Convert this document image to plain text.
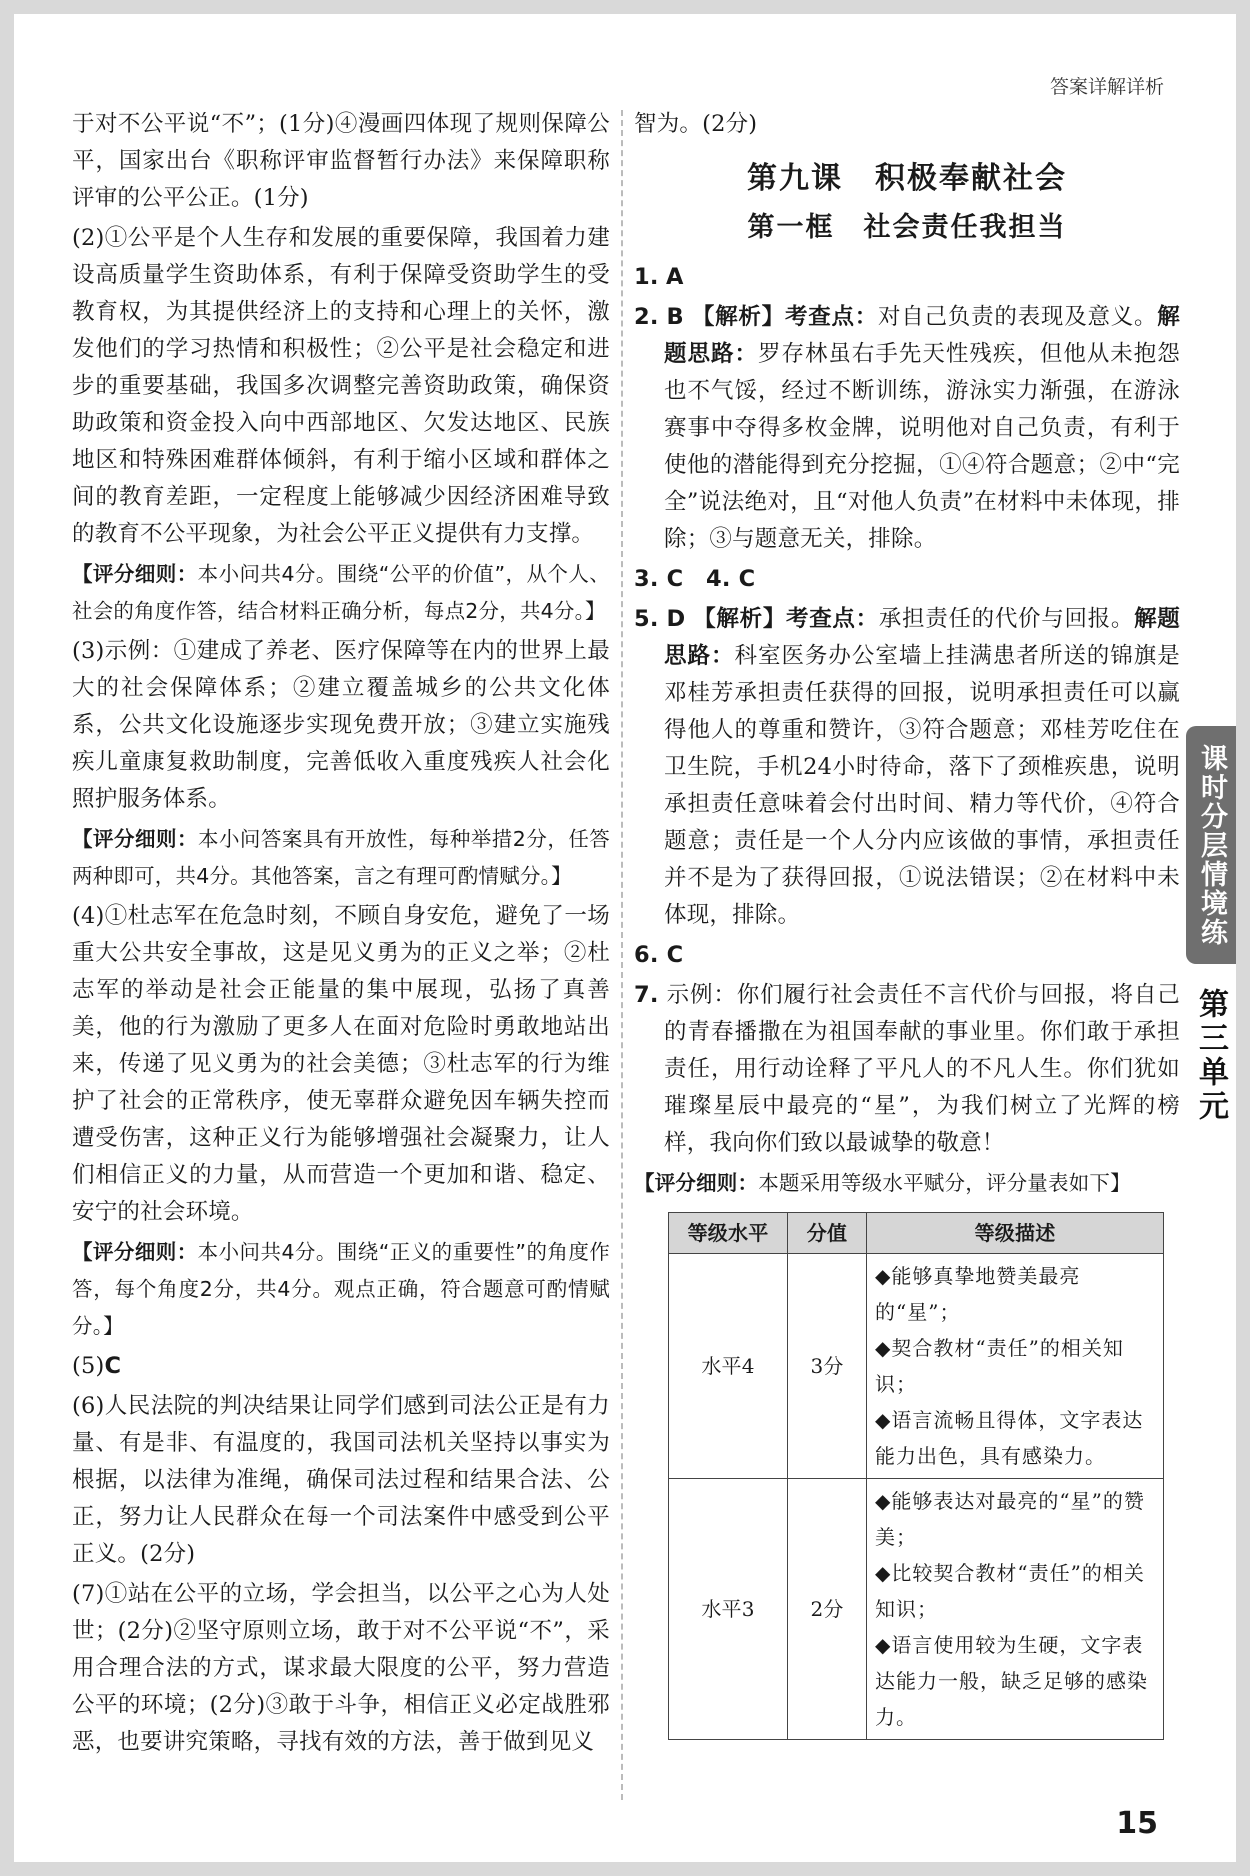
答案详解详析

于对不公平说“不”；(1分)④漫画四体现了规则保障公平，国家出台《职称评审监督暂行办法》来保障职称评审的公平公正。(1分)

(2)①公平是个人生存和发展的重要保障，我国着力建设高质量学生资助体系，有利于保障受资助学生的受教育权，为其提供经济上的支持和心理上的关怀，激发他们的学习热情和积极性；②公平是社会稳定和进步的重要基础，我国多次调整完善资助政策，确保资助政策和资金投入向中西部地区、欠发达地区、民族地区和特殊困难群体倾斜，有利于缩小区域和群体之间的教育差距，一定程度上能够减少因经济困难导致的教育不公平现象，为社会公平正义提供有力支撑。

【评分细则：本小问共4分。围绕“公平的价值”，从个人、社会的角度作答，结合材料正确分析，每点2分，共4分。】

(3)示例：①建成了养老、医疗保障等在内的世界上最大的社会保障体系；②建立覆盖城乡的公共文化体系，公共文化设施逐步实现免费开放；③建立实施残疾儿童康复救助制度，完善低收入重度残疾人社会化照护服务体系。

【评分细则：本小问答案具有开放性，每种举措2分，任答两种即可，共4分。其他答案，言之有理可酌情赋分。】

(4)①杜志军在危急时刻，不顾自身安危，避免了一场重大公共安全事故，这是见义勇为的正义之举；②杜志军的举动是社会正能量的集中展现，弘扬了真善美，他的行为激励了更多人在面对危险时勇敢地站出来，传递了见义勇为的社会美德；③杜志军的行为维护了社会的正常秩序，使无辜群众避免因车辆失控而遭受伤害，这种正义行为能够增强社会凝聚力，让人们相信正义的力量，从而营造一个更加和谐、稳定、安宁的社会环境。

【评分细则：本小问共4分。围绕“正义的重要性”的角度作答，每个角度2分，共4分。观点正确，符合题意可酌情赋分。】

(5)C

(6)人民法院的判决结果让同学们感到司法公正是有力量、有是非、有温度的，我国司法机关坚持以事实为根据，以法律为准绳，确保司法过程和结果合法、公正，努力让人民群众在每一个司法案件中感受到公平正义。(2分)

(7)①站在公平的立场，学会担当，以公平之心为人处世；(2分)②坚守原则立场，敢于对不公平说“不”，采用合理合法的方式，谋求最大限度的公平，努力营造公平的环境；(2分)③敢于斗争，相信正义必定战胜邪恶，也要讲究策略，寻找有效的方法，善于做到见义

智为。(2分)

第九课　积极奉献社会
第一框　社会责任我担当

1. A

2. B 【解析】考查点：对自己负责的表现及意义。解题思路：罗存林虽右手先天性残疾，但他从未抱怨也不气馁，经过不断训练，游泳实力渐强，在游泳赛事中夺得多枚金牌，说明他对自己负责，有利于使他的潜能得到充分挖掘，①④符合题意；②中“完全”说法绝对，且“对他人负责”在材料中未体现，排除；③与题意无关，排除。

3. C　4. C

5. D 【解析】考查点：承担责任的代价与回报。解题思路：科室医务办公室墙上挂满患者所送的锦旗是邓桂芳承担责任获得的回报，说明承担责任可以赢得他人的尊重和赞许，③符合题意；邓桂芳吃住在卫生院，手机24小时待命，落下了颈椎疾患，说明承担责任意味着会付出时间、精力等代价，④符合题意；责任是一个人分内应该做的事情，承担责任并不是为了获得回报，①说法错误；②在材料中未体现，排除。

6. C

7. 示例：你们履行社会责任不言代价与回报，将自己的青春播撒在为祖国奉献的事业里。你们敢于承担责任，用行动诠释了平凡人的不凡人生。你们犹如璀璨星辰中最亮的“星”，为我们树立了光辉的榜样，我向你们致以最诚挚的敬意！

【评分细则：本题采用等级水平赋分，评分量表如下】

等级水平	分值	等级描述
水平4	3分	◆能够真挚地赞美最亮的“星”；
◆契合教材“责任”的相关知识；
◆语言流畅且得体，文字表达能力出色，具有感染力。

水平3	2分	◆能够表达对最亮的“星”的赞美；
◆比较契合教材“责任”的相关知识；
◆语言使用较为生硬，文字表达能力一般，缺乏足够的感染力。
课时分层情境练
第三单元
15
